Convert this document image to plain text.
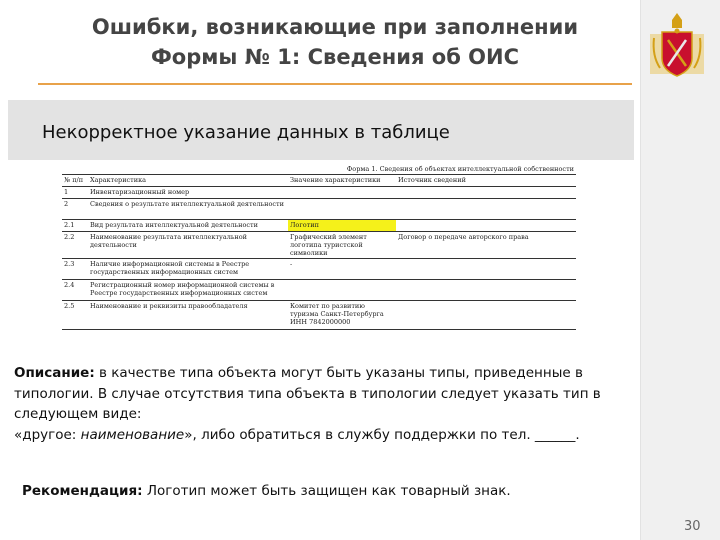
Ошибки, возникающие при заполнении
Формы № 1: Сведения об ОИС
Некорректное указание данных в таблице
Форма 1. Сведения об объектах интеллектуальной собственности
№ п/п	Характеристика	Значение характеристики	Источник сведений
1	Инвентаризационный номер		
2	Сведения о результате интеллектуальной деятельности		
2.1	Вид результата интеллектуальной деятельности	Логотип	
2.2	Наименование результата интеллектуальной деятельности	Графический элемент логотипа туристской символики	Договор о передаче авторского права
2.3	Наличие информационной системы в Реестре государственных информационных систем	-	
2.4	Регистрационный номер информационной системы в Реестре государственных информационных систем		
2.5	Наименование и реквизиты правообладателя	Комитет по развитию туризма Санкт-Петербурга ИНН 7842000000	
Описание: в качестве типа объекта могут быть указаны типы, приведенные в типологии. В случае отсутствия типа объекта в типологии следует указать тип в следующем виде:
«другое: наименование», либо обратиться в службу поддержки по тел. ______.
Рекомендация: Логотип может быть защищен как товарный знак.
30
